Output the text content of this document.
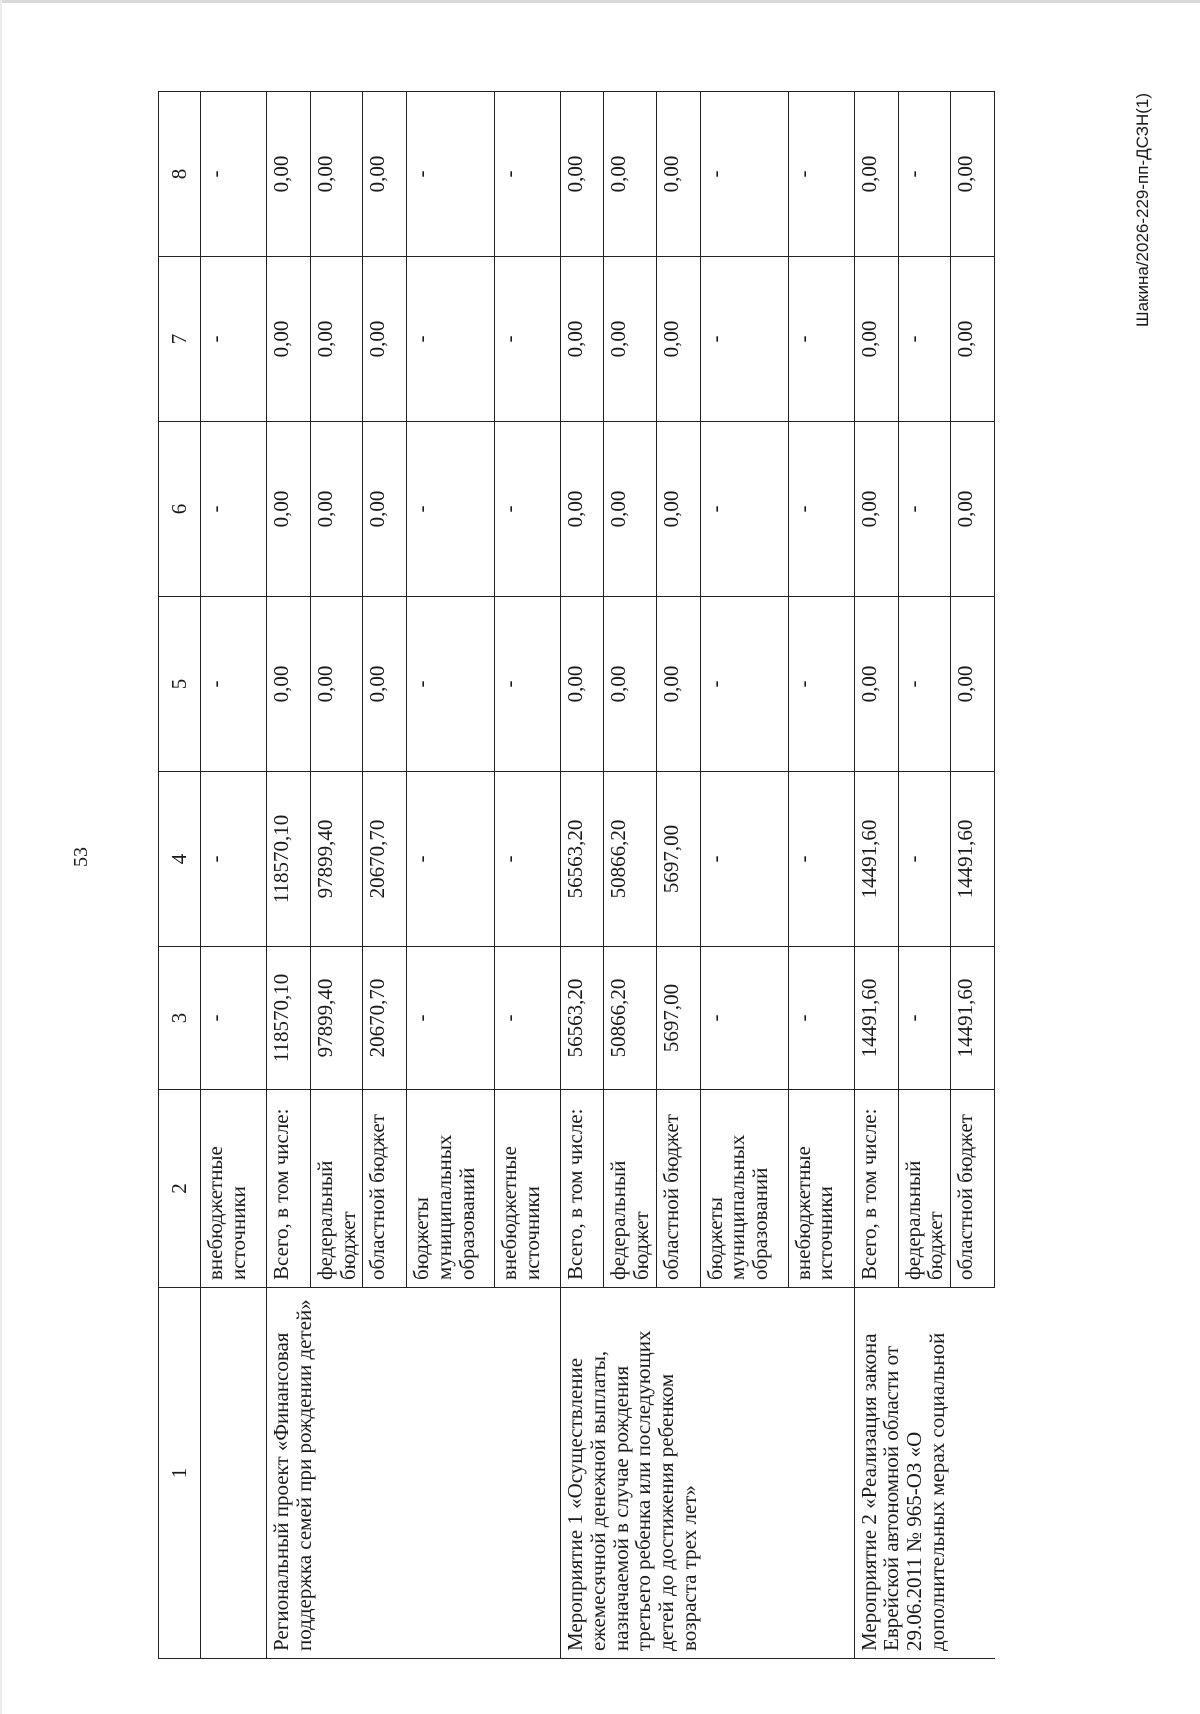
53
1	2	3	4	5	6	7	8
	внебюджетные источники	-	-	-	-	-	-
Региональный проект «Финансовая поддержка семей при рождении детей»	Всего, в том числе:	118570,10	118570,10	0,00	0,00	0,00	0,00
	федеральный бюджет	97899,40	97899,40	0,00	0,00	0,00	0,00
	областной бюджет	20670,70	20670,70	0,00	0,00	0,00	0,00
	бюджеты муниципальных образований	-	-	-	-	-	-
	внебюджетные источники	-	-	-	-	-	-
Мероприятие 1 «Осуществление ежемесячной денежной выплаты, назначаемой в случае рождения третьего ребенка или последующих детей до достижения ребенком возраста трех лет»	Всего, в том числе:	56563,20	56563,20	0,00	0,00	0,00	0,00
	федеральный бюджет	50866,20	50866,20	0,00	0,00	0,00	0,00
	областной бюджет	5697,00	5697,00	0,00	0,00	0,00	0,00
	бюджеты муниципальных образований	-	-	-	-	-	-
	внебюджетные источники	-	-	-	-	-	-
Мероприятие 2 «Реализация закона Еврейской автономной области от 29.06.2011 № 965-ОЗ «О дополнительных мерах социальной	Всего, в том числе:	14491,60	14491,60	0,00	0,00	0,00	0,00
	федеральный бюджет	-	-	-	-	-	-
	областной бюджет	14491,60	14491,60	0,00	0,00	0,00	0,00	Шакина/2026-229-пп-ДСЗН(1)
